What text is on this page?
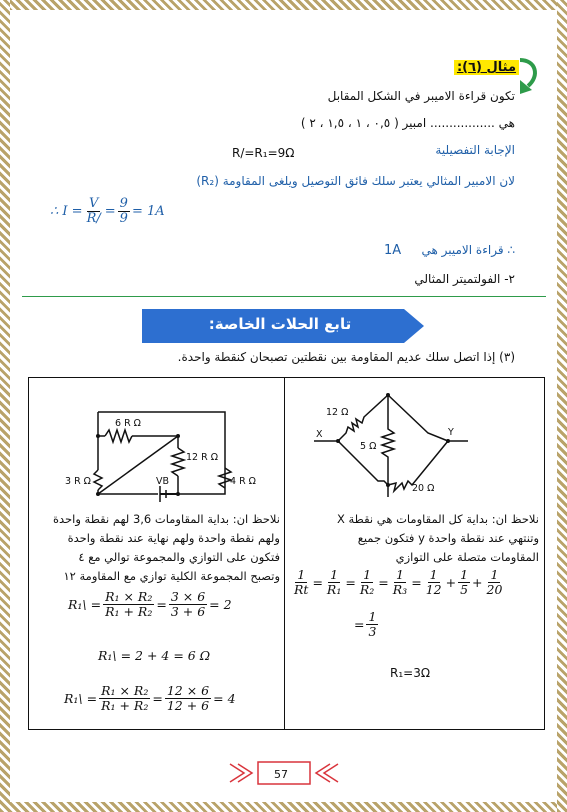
مثال (٦):
تكون قراءة الاميبر في الشكل المقابل
هي ................. امبير ( ٠,٥ ، ١ ، ١,٥ ، ٢ )
الإجابة التفصيلية
R/=R₁=9Ω
لان الامبير المثالي يعتبر سلك فائق التوصيل ويلغى المقاومة (R₂)
∴ $I = \frac{V}{R/} = \frac{9}{9} = 1A$
∴ قراءة الاميبر هي
1A
٢- الفولتميتر المثالي
تابع الحلات الخاصة:
(٣) إذا اتصل سلك عديم المقاومة بين نقطتين تصبحان كنقطة واحدة.
6 R Ω
12 R Ω
3 R Ω	VB	4 R Ω
نلاحظ ان: بداية المقاومات 3,6 لهم نقطة واحدة
ولهم نقطة واحدة ولهم نهاية عند نقطة واحدة
فتكون على التوازي والمجموعة توالي مع ٤
وتصبح المجموعة الكلية توازي مع المقاومة ١٢
R₁\ = $\frac{\text{R₁ × R₂}}{\text{R₁ + R₂}} = \frac{3 \times 6}{3 + 6} = 2$
R₁\ = 2 + 4 = 6 Ω
R₁\ = $\frac{\text{R₁ × R₂}}{\text{R₁ + R₂}} = \frac{12 \times 6}{12 + 6} = 4$
12 Ω
X
5 Ω
Y
20 Ω
نلاحظ ان: بداية كل المقاومات هي نقطة X
وتنتهي عند نقطة واحدة y فتكون جميع
المقاومات متصلة على التوازي
$\frac{1}{Rt} = \frac{1}{\text{R₁}} = \frac{1}{\text{R₂}} = \frac{1}{\text{R₃}} = \frac{1}{12} + \frac{1}{5} + \frac{1}{20}$
= $\frac{1}{3}$
R₁=3Ω
57
